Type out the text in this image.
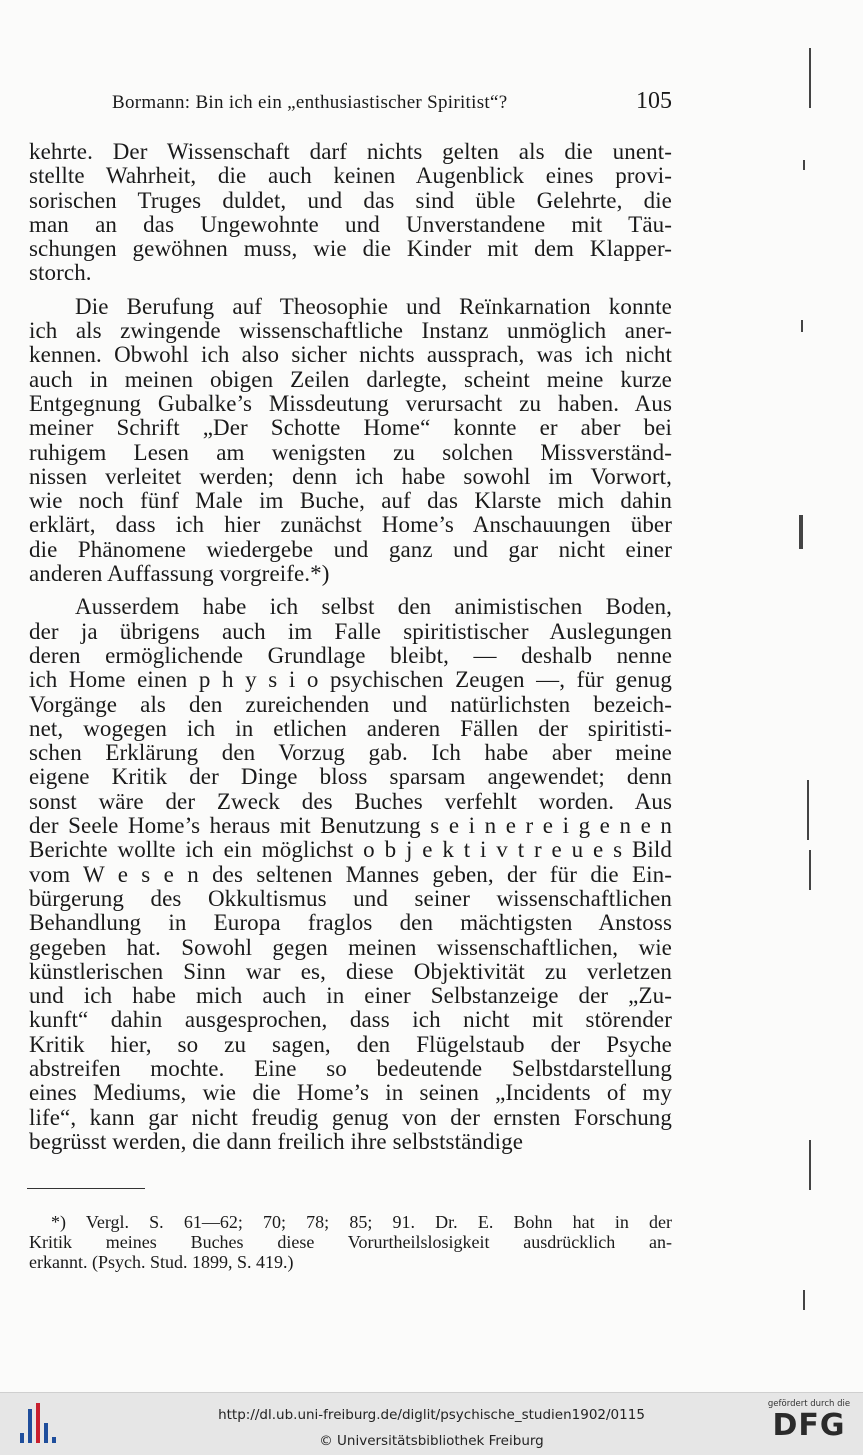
Bormann: Bin ich ein „enthusiastischer Spiritist“?	105
kehrte. Der Wissenschaft darf nichts gelten als die unent-
stellte Wahrheit, die auch keinen Augenblick eines provi-
sorischen Truges duldet, und das sind üble Gelehrte, die
man an das Ungewohnte und Unverstandene mit Täu-
schungen gewöhnen muss, wie die Kinder mit dem Klapper-
storch.
Die Berufung auf Theosophie und Reïnkarnation konnte
ich als zwingende wissenschaftliche Instanz unmöglich aner-
kennen. Obwohl ich also sicher nichts aussprach, was ich nicht
auch in meinen obigen Zeilen darlegte, scheint meine kurze
Entgegnung Gubalke’s Missdeutung verursacht zu haben. Aus
meiner Schrift „Der Schotte Home“ konnte er aber bei
ruhigem Lesen am wenigsten zu solchen Missverständ-
nissen verleitet werden; denn ich habe sowohl im Vorwort,
wie noch fünf Male im Buche, auf das Klarste mich dahin
erklärt, dass ich hier zunächst Home’s Anschauungen über
die Phänomene wiedergebe und ganz und gar nicht einer
anderen Auffassung vorgreife.*)
Ausserdem habe ich selbst den animistischen Boden,
der ja übrigens auch im Falle spiritistischer Auslegungen
deren ermöglichende Grundlage bleibt, — deshalb nenne
ich Home einen p h y s i o psychischen Zeugen —, für genug
Vorgänge als den zureichenden und natürlichsten bezeich-
net, wogegen ich in etlichen anderen Fällen der spiritisti-
schen Erklärung den Vorzug gab. Ich habe aber meine
eigene Kritik der Dinge bloss sparsam angewendet; denn
sonst wäre der Zweck des Buches verfehlt worden. Aus
der Seele Home’s heraus mit Benutzung s e i n e r e i g e n e n
Berichte wollte ich ein möglichst o b j e k t i v t r e u e s Bild
vom W e s e n des seltenen Mannes geben, der für die Ein-
bürgerung des Okkultismus und seiner wissenschaftlichen
Behandlung in Europa fraglos den mächtigsten Anstoss
gegeben hat. Sowohl gegen meinen wissenschaftlichen, wie
künstlerischen Sinn war es, diese Objektivität zu verletzen
und ich habe mich auch in einer Selbstanzeige der „Zu-
kunft“ dahin ausgesprochen, dass ich nicht mit störender
Kritik hier, so zu sagen, den Flügelstaub der Psyche
abstreifen mochte. Eine so bedeutende Selbstdarstellung
eines Mediums, wie die Home’s in seinen „Incidents of my
life“, kann gar nicht freudig genug von der ernsten Forschung
begrüsst werden, die dann freilich ihre selbstständige
*) Vergl. S. 61—62; 70; 78; 85; 91. Dr. E. Bohn hat in der
Kritik meines Buches diese Vorurtheilslosigkeit ausdrücklich an-
erkannt. (Psych. Stud. 1899, S. 419.)
http://dl.ub.uni-freiburg.de/diglit/psychische_studien1902/0115
© Universitätsbibliothek Freiburg
gefördert durch die
DFG
